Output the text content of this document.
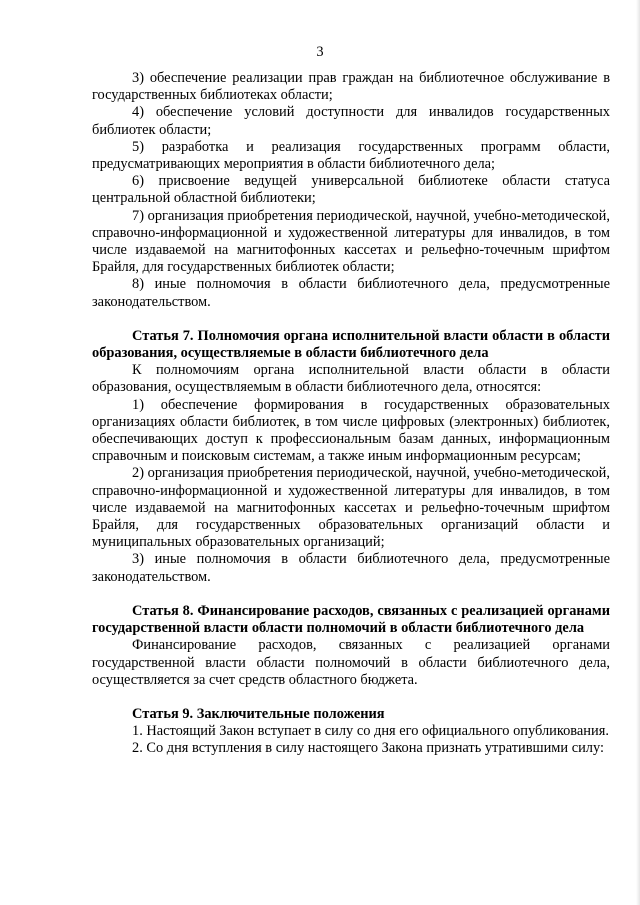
3

3) обеспечение реализации прав граждан на библиотечное обслуживание в государственных библиотеках области;

4) обеспечение условий доступности для инвалидов государственных библиотек области;

5) разработка и реализация государственных программ области, предусматривающих мероприятия в области библиотечного дела;

6) присвоение ведущей универсальной библиотеке области статуса центральной областной библиотеки;

7) организация приобретения периодической, научной, учебно-методической, справочно-информационной и художественной литературы для инвалидов, в том числе издаваемой на магнитофонных кассетах и рельефно-точечным шрифтом Брайля, для государственных библиотек области;

8) иные полномочия в области библиотечного дела, предусмотренные законодательством.

Статья 7. Полномочия органа исполнительной власти области в области образования, осуществляемые в области библиотечного дела

К полномочиям органа исполнительной власти области в области образования, осуществляемым в области библиотечного дела, относятся:

1) обеспечение формирования в государственных образовательных организациях области библиотек, в том числе цифровых (электронных) библиотек, обеспечивающих доступ к профессиональным базам данных, информационным справочным и поисковым системам, а также иным информационным ресурсам;

2) организация приобретения периодической, научной, учебно-методической, справочно-информационной и художественной литературы для инвалидов, в том числе издаваемой на магнитофонных кассетах и рельефно-точечным шрифтом Брайля, для государственных образовательных организаций области и муниципальных образовательных организаций;

3) иные полномочия в области библиотечного дела, предусмотренные законодательством.

Статья 8. Финансирование расходов, связанных с реализацией органами государственной власти области полномочий в области библиотечного дела

Финансирование расходов, связанных с реализацией органами государственной власти области полномочий в области библиотечного дела, осуществляется за счет средств областного бюджета.

Статья 9. Заключительные положения

1. Настоящий Закон вступает в силу со дня его официального опубликования.

2. Со дня вступления в силу настоящего Закона признать утратившими силу:
